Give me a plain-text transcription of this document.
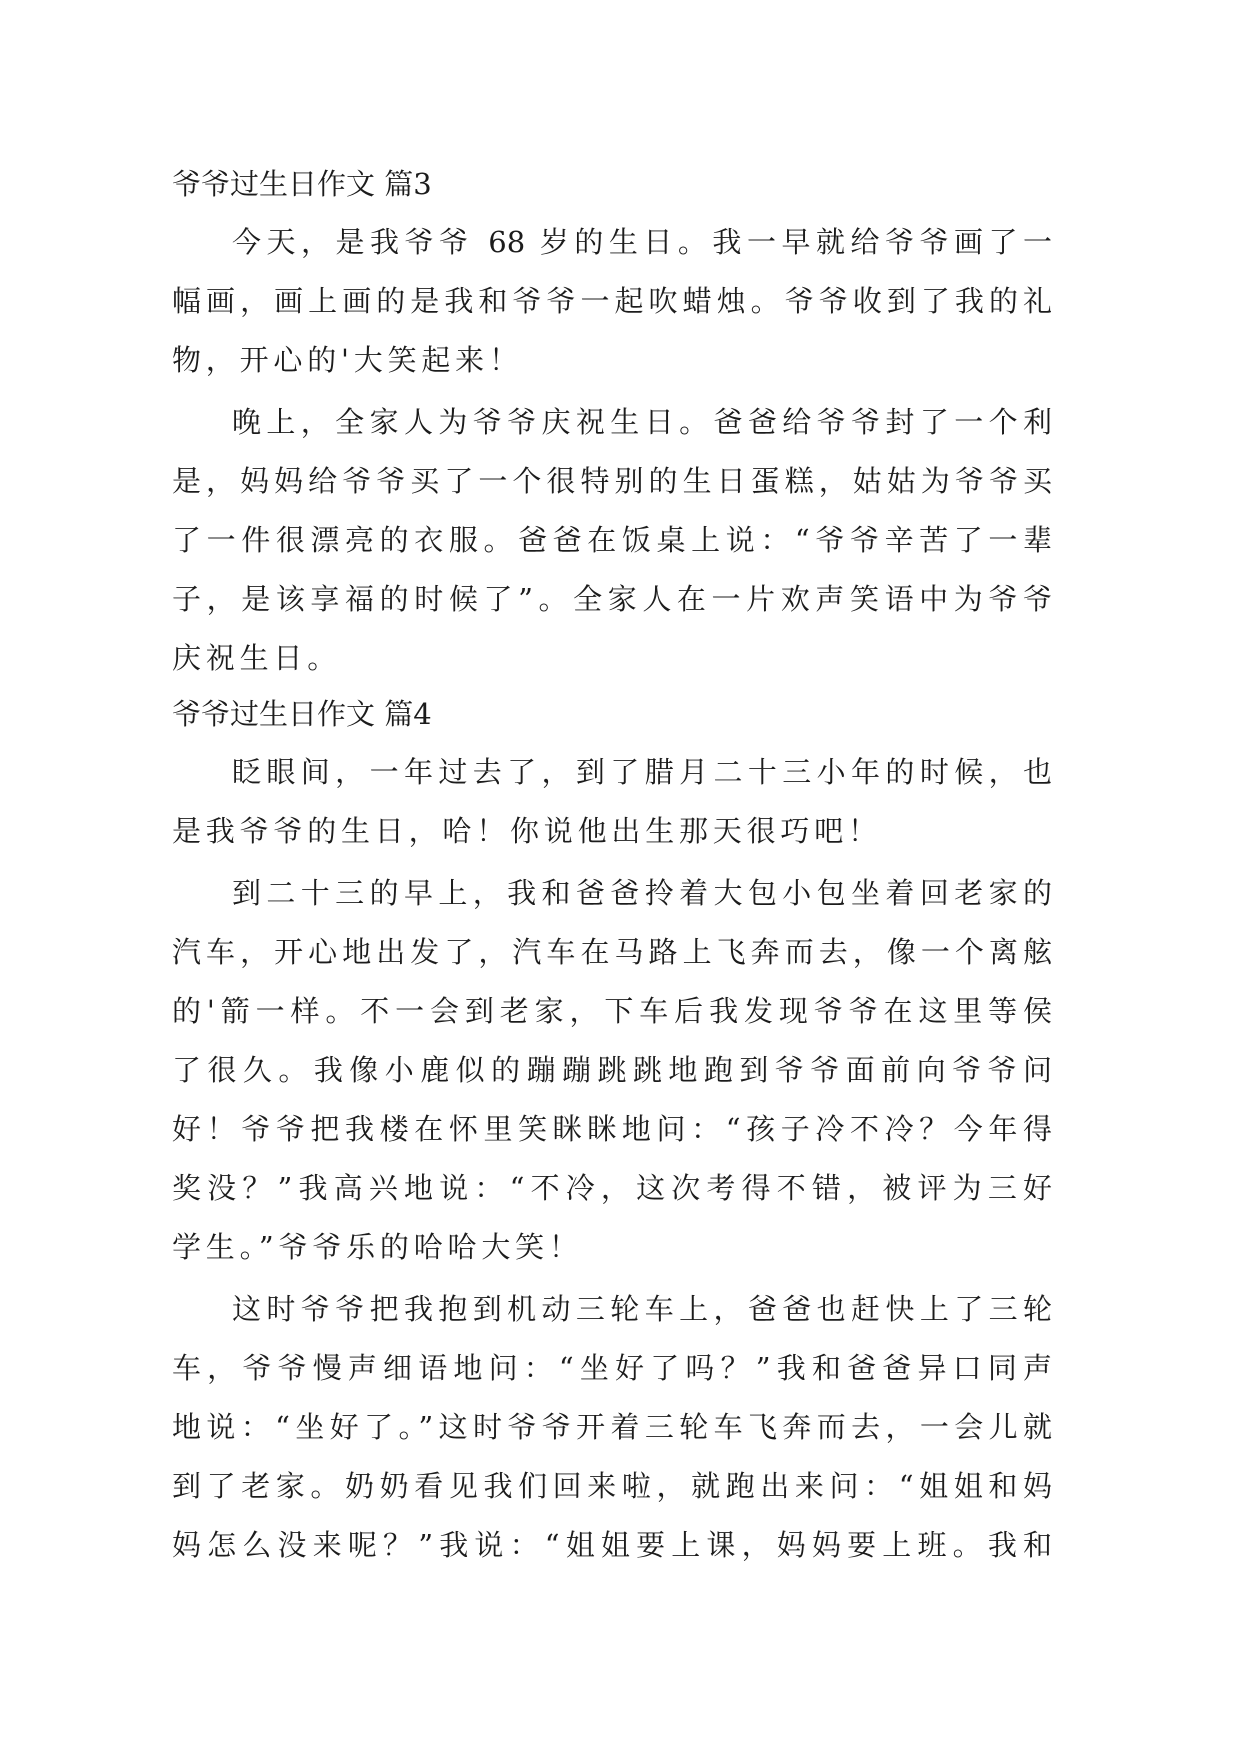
爷爷过生日作文 篇3
今天，是我爷爷 68 岁的生日。我一早就给爷爷画了一
幅画，画上画的是我和爷爷一起吹蜡烛。爷爷收到了我的礼
物，开心的'大笑起来！
晚上，全家人为爷爷庆祝生日。爸爸给爷爷封了一个利
是，妈妈给爷爷买了一个很特别的生日蛋糕，姑姑为爷爷买
了一件很漂亮的衣服。爸爸在饭桌上说：“爷爷辛苦了一辈
子，是该享福的时候了”。全家人在一片欢声笑语中为爷爷
庆祝生日。
爷爷过生日作文 篇4
眨眼间，一年过去了，到了腊月二十三小年的时候，也
是我爷爷的生日，哈！你说他出生那天很巧吧！
到二十三的早上，我和爸爸拎着大包小包坐着回老家的
汽车，开心地出发了，汽车在马路上飞奔而去，像一个离舷
的'箭一样。不一会到老家，下车后我发现爷爷在这里等侯
了很久。我像小鹿似的蹦蹦跳跳地跑到爷爷面前向爷爷问
好！爷爷把我楼在怀里笑眯眯地问：“孩子冷不冷？今年得
奖没？”我高兴地说：“不冷，这次考得不错，被评为三好
学生。”爷爷乐的哈哈大笑！
这时爷爷把我抱到机动三轮车上，爸爸也赶快上了三轮
车，爷爷慢声细语地问：“坐好了吗？”我和爸爸异口同声
地说：“坐好了。”这时爷爷开着三轮车飞奔而去，一会儿就
到了老家。奶奶看见我们回来啦，就跑出来问：“姐姐和妈
妈怎么没来呢？”我说：“姐姐要上课，妈妈要上班。我和
